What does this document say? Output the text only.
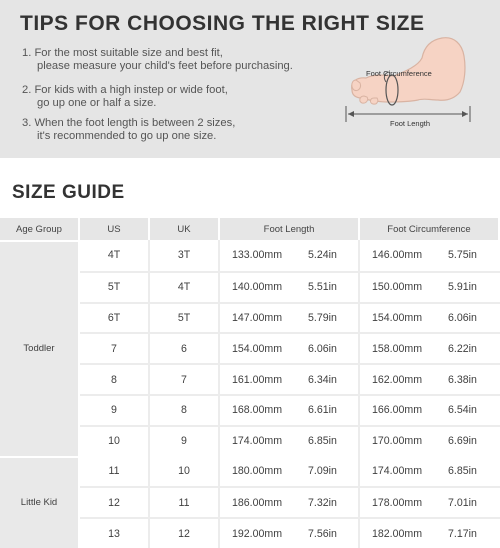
TIPS FOR CHOOSING THE RIGHT SIZE
1. For the most suitable size and best fit,
please measure your child's feet before purchasing.
2. For kids with a high instep or wide foot,
go up one or half a size.
3. When the foot length is between 2 sizes,
it's recommended to go up one size.
Foot Circumference
Foot Length
SIZE GUIDE
Age Group	US	UK	Foot Length		Foot Circumference	
Toddler	4T	3T	133.00mm	5.24in	146.00mm	5.75in
	5T	4T	140.00mm	5.51in	150.00mm	5.91in
	6T	5T	147.00mm	5.79in	154.00mm	6.06in
	7	6	154.00mm	6.06in	158.00mm	6.22in
	8	7	161.00mm	6.34in	162.00mm	6.38in
	9	8	168.00mm	6.61in	166.00mm	6.54in
	10	9	174.00mm	6.85in	170.00mm	6.69in
Little Kid	11	10	180.00mm	7.09in	174.00mm	6.85in
	12	11	186.00mm	7.32in	178.00mm	7.01in
	13	12	192.00mm	7.56in	182.00mm	7.17in
